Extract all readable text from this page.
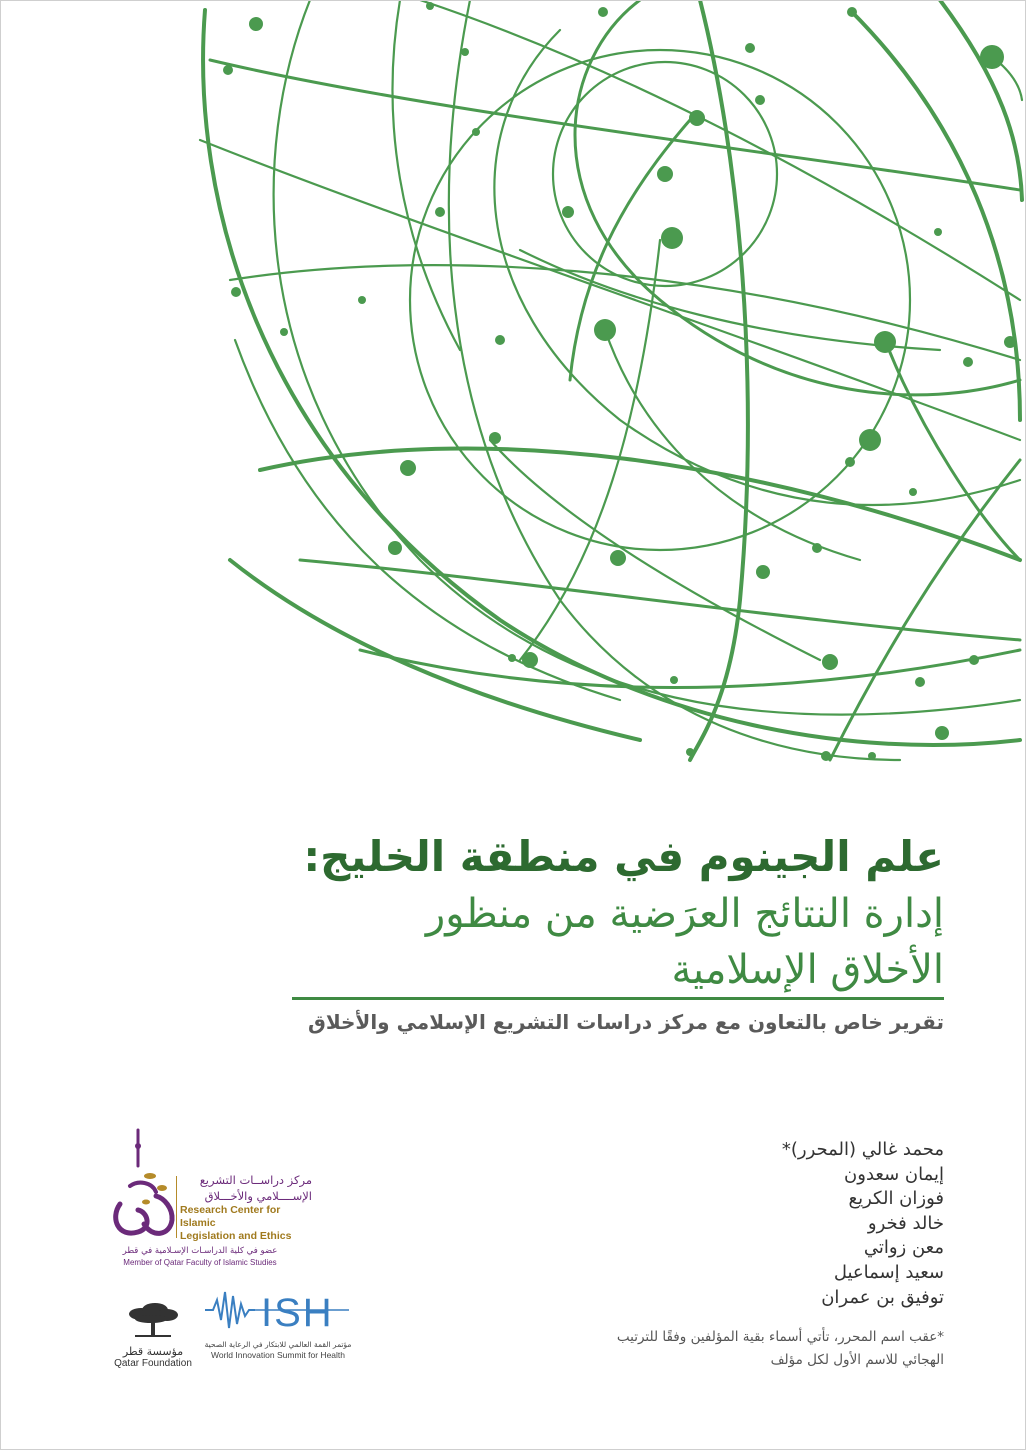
علم الجينوم في منطقة الخليج:

إدارة النتائج العرَضية من منظور

الأخلاق الإسلامية

تقرير خاص بالتعاون مع مركز دراسات التشريع الإسلامي والأخلاق
محمد غالي (المحرر)*
إيمان سعدون
فوزان الكريع
خالد فخرو
معن زواتي
سعيد إسماعيل
توفيق بن عمران
*عقب اسم المحرر، تأتي أسماء بقية المؤلفين وفقًا للترتيب
الهجائي للاسم الأول لكل مؤلف
مركز دراســات التشريع
الإســــلامي والأخـــلاق
Research Center for Islamic
Legislation and Ethics
عضو في كلية الدراسـات الإسـلامية في قطر
Member of Qatar Faculty of Islamic Studies
مؤسسة قطر
Qatar Foundation
ISH
مؤتمر القمة العالمي للابتكار في الرعاية الصحية
World Innovation Summit for Health
